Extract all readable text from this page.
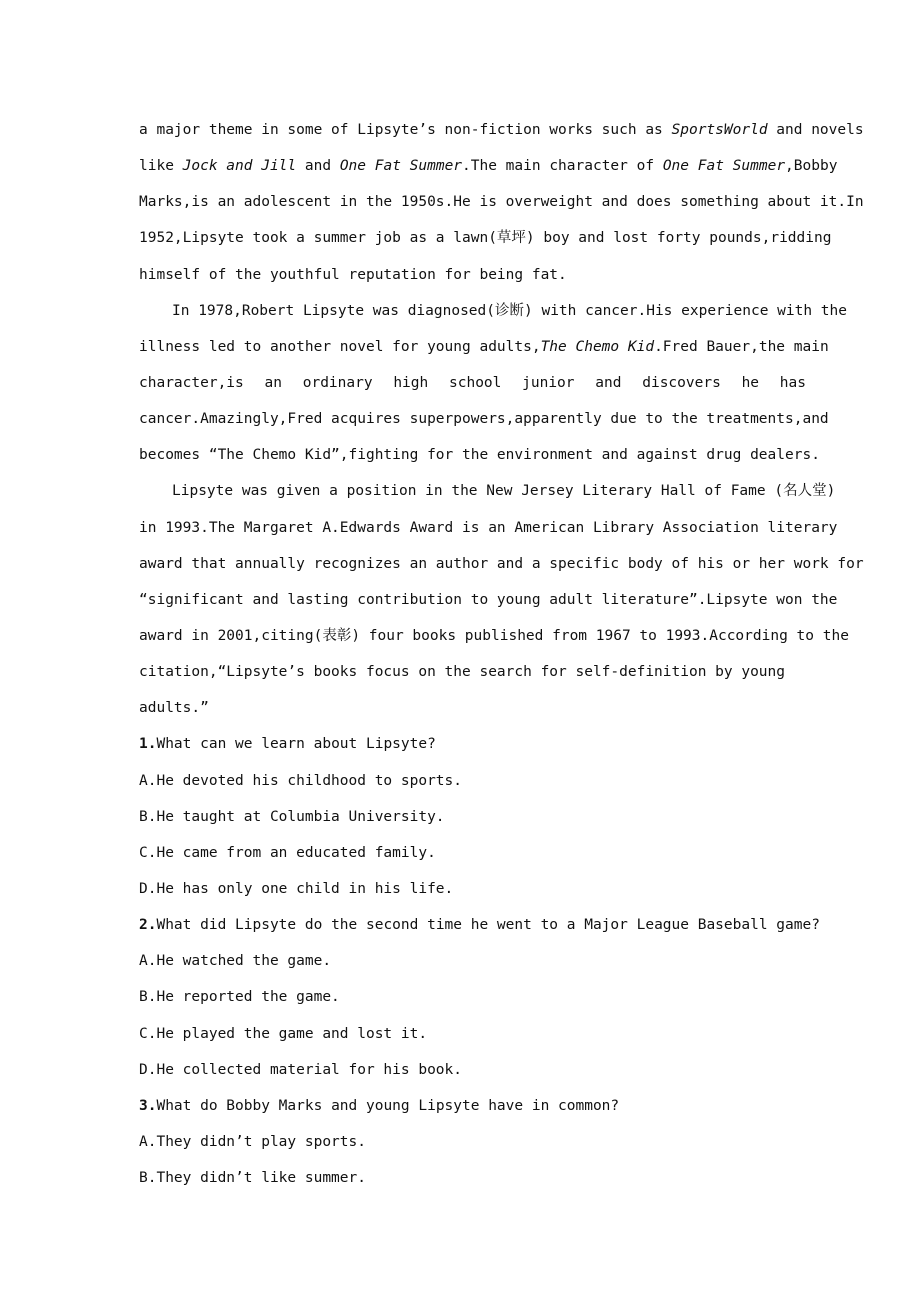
a major theme in some of Lipsyte’s non-fiction works such as SportsWorld and novels
like Jock and Jill and One Fat Summer.The main character of One Fat Summer,Bobby
Marks,is an adolescent in the 1950s.He is overweight and does something about it.In
1952,Lipsyte took a summer job as a lawn(草坪) boy and lost forty pounds,ridding
himself of the youthful reputation for being fat.
In 1978,Robert Lipsyte was diagnosed(诊断) with cancer.His experience with the
illness led to another novel for young adults,The Chemo Kid.Fred Bauer,the main
character,is an ordinary high school junior and discovers he has
cancer.Amazingly,Fred acquires superpowers,apparently due to the treatments,and
becomes “The Chemo Kid”,fighting for the environment and against drug dealers.
Lipsyte was given a position in the New Jersey Literary Hall of Fame (名人堂)
in 1993.The Margaret A.Edwards Award is an American Library Association literary
award that annually recognizes an author and a specific body of his or her work for
“significant and lasting contribution to young adult literature”.Lipsyte won the
award in 2001,citing(表彰) four books published from 1967 to 1993.According to the
citation,“Lipsyte’s books focus on the search for self-definition by young
adults.”
1.What can we learn about Lipsyte?
A.He devoted his childhood to sports.
B.He taught at Columbia University.
C.He came from an educated family.
D.He has only one child in his life.
2.What did Lipsyte do the second time he went to a Major League Baseball game?
A.He watched the game.
B.He reported the game.
C.He played the game and lost it.
D.He collected material for his book.
3.What do Bobby Marks and young Lipsyte have in common?
A.They didn’t play sports.
B.They didn’t like summer.
